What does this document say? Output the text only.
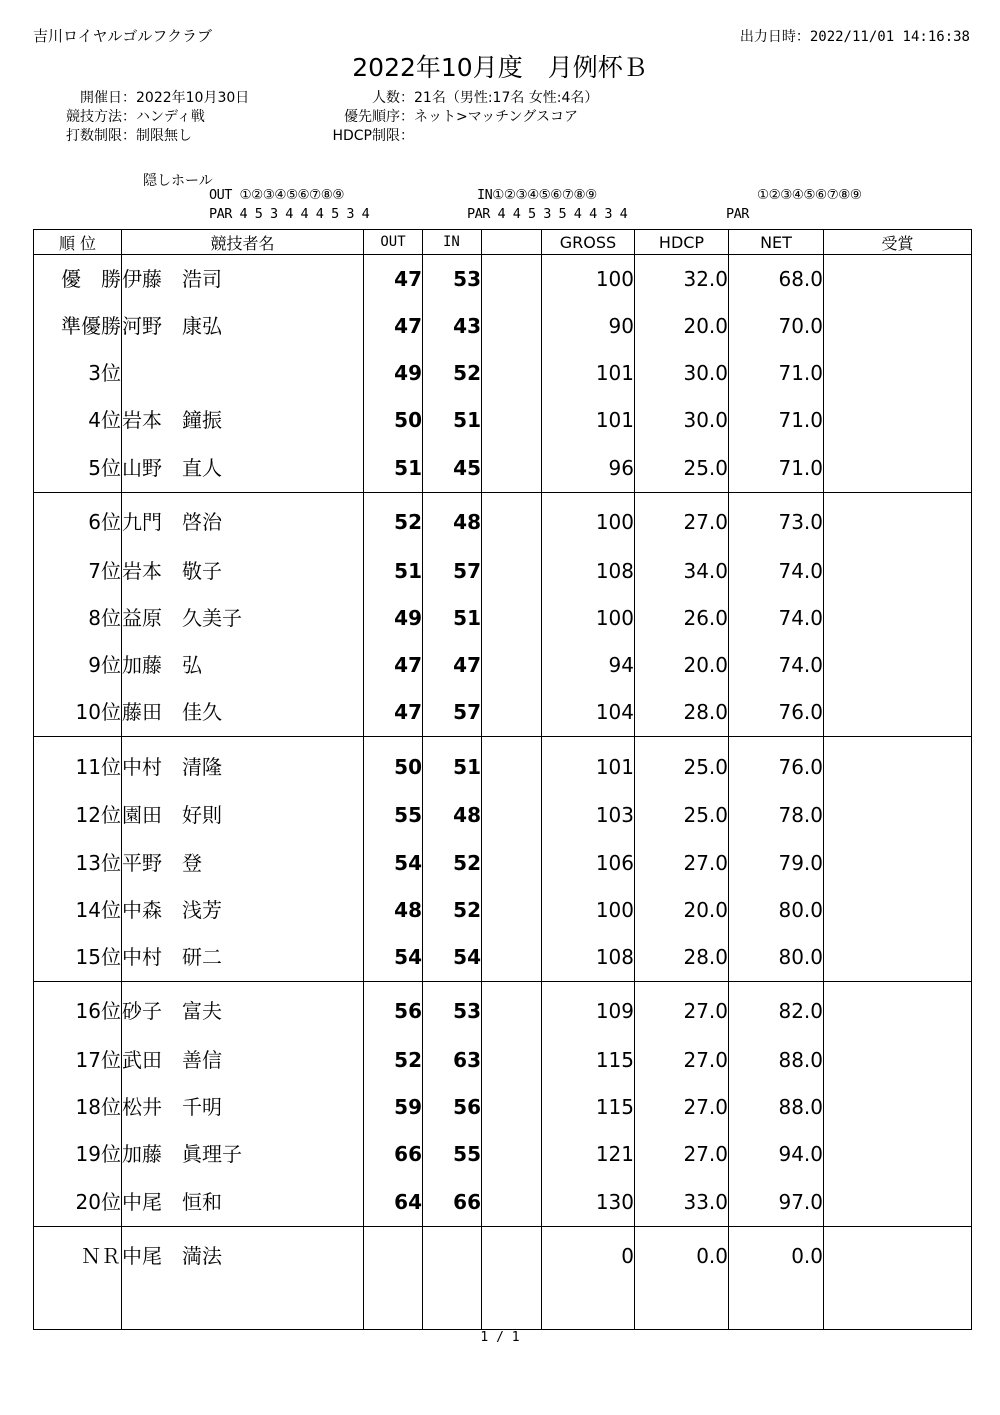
吉川ロイヤルゴルフクラブ	出力日時：2022/11/01 14:16:38
2022年10月度　月例杯Ｂ
開催日： 2022年10月30日
競技方法： ハンディ戦
打数制限： 制限無し
人数： 21名（男性:17名 女性:4名）
優先順序： ネット>マッチングスコア
HDCP制限：
隠しホール
OUT ①②③④⑤⑥⑦⑧⑨
PAR 4 5 3 4 4 4 5 3 4
IN①②③④⑤⑥⑦⑧⑨
PAR 4 4 5 3 5 4 4 3 4
①②③④⑤⑥⑦⑧⑨
PAR
順 位	競技者名	OUT	IN		GROSS	HDCP	NET	受賞
優　勝	伊藤　浩司	47	53		100	32.0	68.0	
準優勝	河野　康弘	47	43		90	20.0	70.0	
3位		49	52		101	30.0	71.0	
4位	岩本　鐘振	50	51		101	30.0	71.0	
5位	山野　直人	51	45		96	25.0	71.0	
6位	九門　啓治	52	48		100	27.0	73.0	
7位	岩本　敬子	51	57		108	34.0	74.0	
8位	益原　久美子	49	51		100	26.0	74.0	
9位	加藤　弘	47	47		94	20.0	74.0	
10位	藤田　佳久	47	57		104	28.0	76.0	
11位	中村　清隆	50	51		101	25.0	76.0	
12位	園田　好則	55	48		103	25.0	78.0	
13位	平野　登	54	52		106	27.0	79.0	
14位	中森　浅芳	48	52		100	20.0	80.0	
15位	中村　研二	54	54		108	28.0	80.0	
16位	砂子　富夫	56	53		109	27.0	82.0	
17位	武田　善信	52	63		115	27.0	88.0	
18位	松井　千明	59	56		115	27.0	88.0	
19位	加藤　眞理子	66	55		121	27.0	94.0	
20位	中尾　恒和	64	66		130	33.0	97.0	
ＮＲ	中尾　満法				0	0.0	0.0	

1 / 1
